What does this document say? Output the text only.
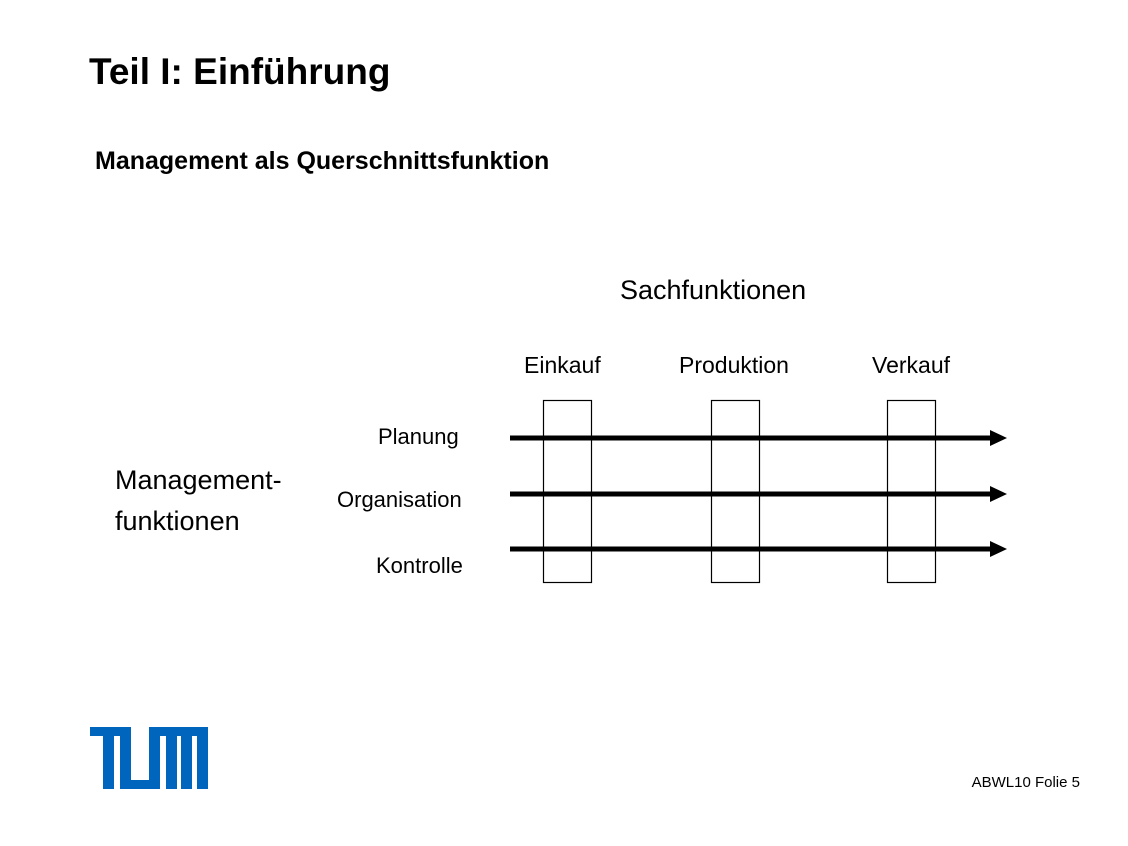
Teil I: Einführung
Management als Querschnittsfunktion
Sachfunktionen
Einkauf	Produktion	Verkauf
Planung
Organisation
Kontrolle
Management-
funktionen
ABWL10 Folie 5
